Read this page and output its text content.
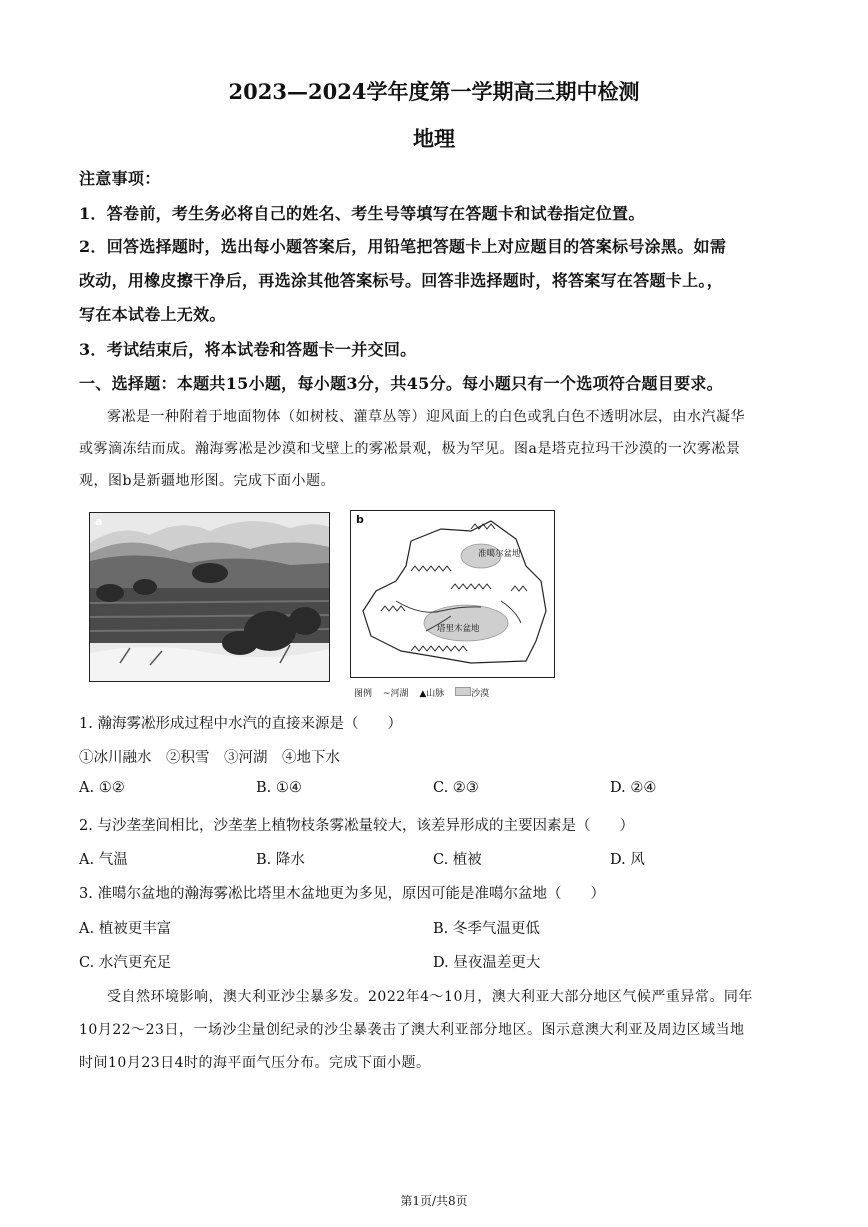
2023—2024学年度第一学期高三期中检测
地理
注意事项：
1．答卷前，考生务必将自己的姓名、考生号等填写在答题卡和试卷指定位置。
2．回答选择题时，选出每小题答案后，用铅笔把答题卡上对应题目的答案标号涂黑。如需
改动，用橡皮擦干净后，再选涂其他答案标号。回答非选择题时，将答案写在答题卡上。，
写在本试卷上无效。
3．考试结束后，将本试卷和答题卡一并交回。
一、选择题：本题共15小题，每小题3分，共45分。每小题只有一个选项符合题目要求。
雾凇是一种附着于地面物体（如树枝、灌草丛等）迎风面上的白色或乳白色不透明冰层，由水汽凝华
或雾滴冻结而成。瀚海雾凇是沙漠和戈壁上的雾凇景观，极为罕见。图a是塔克拉玛干沙漠的一次雾凇景
观，图b是新疆地形图。完成下面小题。
a	b
准噶尔盆地
塔里木盆地
图例 ~河湖 ▲山脉	沙漠
1. 瀚海雾凇形成过程中水汽的直接来源是（　　）
①冰川融水　②积雪　③河湖　④地下水
A. ①②	B. ①④	C. ②③	D. ②④
2. 与沙垄垄间相比，沙垄垄上植物枝条雾凇量较大，该差异形成的主要因素是（　　）
A. 气温	B. 降水	C. 植被	D. 风
3. 准噶尔盆地的瀚海雾凇比塔里木盆地更为多见，原因可能是准噶尔盆地（　　）
A. 植被更丰富	B. 冬季气温更低
C. 水汽更充足	D. 昼夜温差更大
受自然环境影响，澳大利亚沙尘暴多发。2022年4～10月，澳大利亚大部分地区气候严重异常。同年
10月22～23日，一场沙尘量创纪录的沙尘暴袭击了澳大利亚部分地区。图示意澳大利亚及周边区域当地
时间10月23日4时的海平面气压分布。完成下面小题。
第1页/共8页
